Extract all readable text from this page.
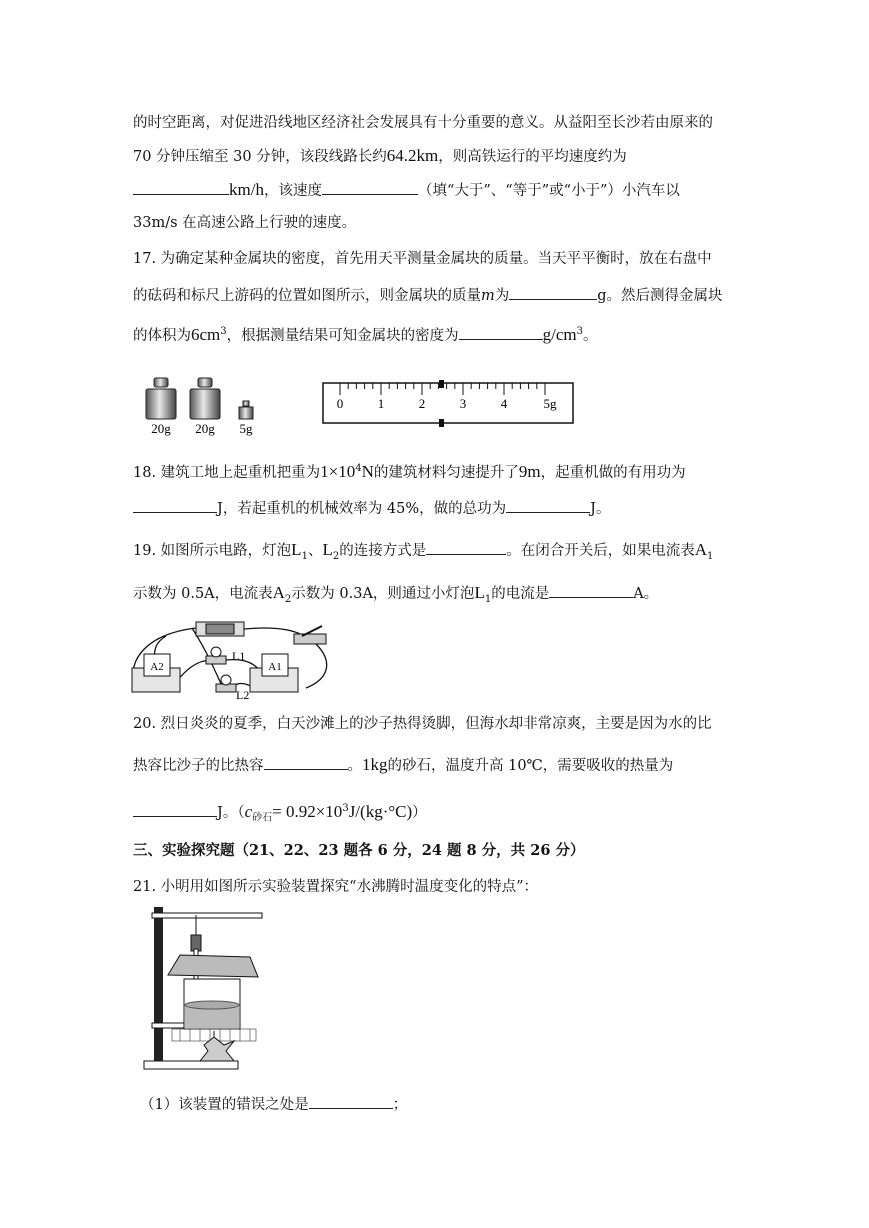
的时空距离，对促进沿线地区经济社会发展具有十分重要的意义。从益阳至长沙若由原来的
70 分钟压缩至 30 分钟，该段线路长约64.2km，则高铁运行的平均速度约为
km/h，该速度	（填“大于”、“等于”或“小于”）小汽车以
33m/s 在高速公路上行驶的速度。
17. 为确定某种金属块的密度，首先用天平测量金属块的质量。当天平平衡时，放在右盘中
的砝码和标尺上游码的位置如图所示，则金属块的质量m为	g。然后测得金属块
的体积为$6cm^3$，根据测量结果可知金属块的密度为	$g/cm^3$。
20g 20g 5g
0	1	2	3	4	5g
18. 建筑工地上起重机把重为$1\times 10^4N$的建筑材料匀速提升了9m，起重机做的有用功为
J，若起重机的机械效率为 45%，做的总功为	J。
19. 如图所示电路，灯泡$L_1$、$L_2$的连接方式是	。在闭合开关后，如果电流表$A_1$
示数为 0.5A，电流表$A_2$示数为 0.3A，则通过小灯泡$L_1$的电流是	A。
A2	A1
L1
L2
20. 烈日炎炎的夏季，白天沙滩上的沙子热得烫脚，但海水却非常凉爽，主要是因为水的比
热容比沙子的比热容	。1kg的砂石，温度升高 10℃，需要吸收的热量为
J。$(c_{砂石}= 0.92\times 10^3J/(kg\cdot^\circ C))$
三、实验探究题（21、22、23 题各 6 分，24 题 8 分，共 26 分）
21. 小明用如图所示实验装置探究“水沸腾时温度变化的特点”：
（1）该装置的错误之处是	；
